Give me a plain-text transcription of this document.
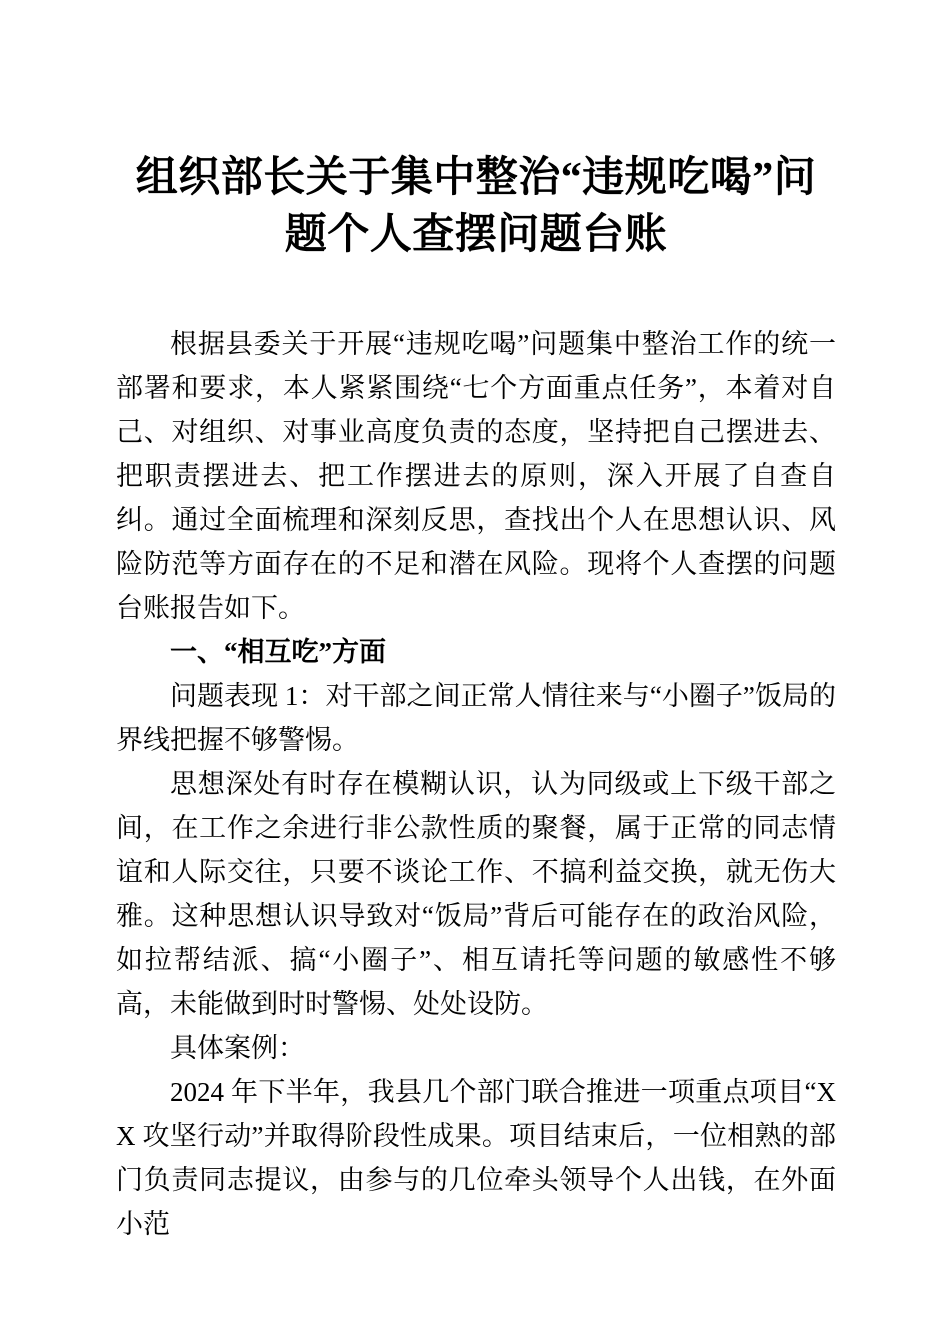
组织部长关于集中整治“违规吃喝”问题个人查摆问题台账

根据县委关于开展“违规吃喝”问题集中整治工作的统一部署和要求，本人紧紧围绕“七个方面重点任务”，本着对自己、对组织、对事业高度负责的态度，坚持把自己摆进去、把职责摆进去、把工作摆进去的原则，深入开展了自查自纠。通过全面梳理和深刻反思，查找出个人在思想认识、风险防范等方面存在的不足和潜在风险。现将个人查摆的问题台账报告如下。

一、“相互吃”方面

问题表现 1：对干部之间正常人情往来与“小圈子”饭局的界线把握不够警惕。

思想深处有时存在模糊认识，认为同级或上下级干部之间，在工作之余进行非公款性质的聚餐，属于正常的同志情谊和人际交往，只要不谈论工作、不搞利益交换，就无伤大雅。这种思想认识导致对“饭局”背后可能存在的政治风险，如拉帮结派、搞“小圈子”、相互请托等问题的敏感性不够高，未能做到时时警惕、处处设防。

具体案例：

2024 年下半年，我县几个部门联合推进一项重点项目“XX 攻坚行动”并取得阶段性成果。项目结束后，一位相熟的部门负责同志提议，由参与的几位牵头领导个人出钱，在外面小范
